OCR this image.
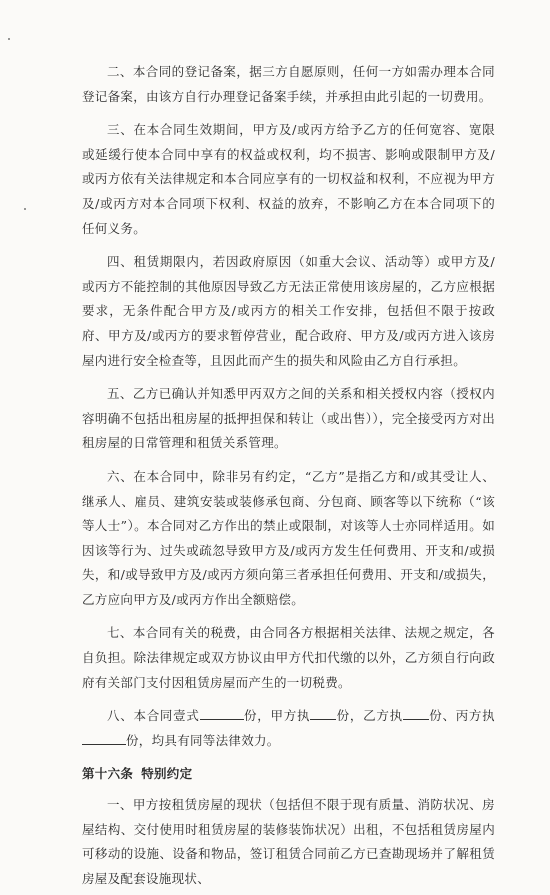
二、本合同的登记备案，据三方自愿原则，任何一方如需办理本合同登记备案，由该方自行办理登记备案手续，并承担由此引起的一切费用。

三、在本合同生效期间，甲方及/或丙方给予乙方的任何宽容、宽限或延缓行使本合同中享有的权益或权利，均不损害、影响或限制甲方及/或丙方依有关法律规定和本合同应享有的一切权益和权利，不应视为甲方及/或丙方对本合同项下权利、权益的放弃，不影响乙方在本合同项下的任何义务。

四、租赁期限内，若因政府原因（如重大会议、活动等）或甲方及/或丙方不能控制的其他原因导致乙方无法正常使用该房屋的，乙方应根据要求，无条件配合甲方及/或丙方的相关工作安排，包括但不限于按政府、甲方及/或丙方的要求暂停营业，配合政府、甲方及/或丙方进入该房屋内进行安全检查等，且因此而产生的损失和风险由乙方自行承担。

五、乙方已确认并知悉甲丙双方之间的关系和相关授权内容（授权内容明确不包括出租房屋的抵押担保和转让（或出售）），完全接受丙方对出租房屋的日常管理和租赁关系管理。

六、在本合同中，除非另有约定，“乙方”是指乙方和/或其受让人、继承人、雇员、建筑安装或装修承包商、分包商、顾客等以下统称（“该等人士”）。本合同对乙方作出的禁止或限制，对该等人士亦同样适用。如因该等行为、过失或疏忽导致甲方及/或丙方发生任何费用、开支和/或损失，和/或导致甲方及/或丙方须向第三者承担任何费用、开支和/或损失，乙方应向甲方及/或丙方作出全额赔偿。

七、本合同有关的税费，由合同各方根据相关法律、法规之规定，各自负担。除法律规定或双方协议由甲方代扣代缴的以外，乙方须自行向政府有关部门支付因租赁房屋而产生的一切税费。

八、本合同壹式	份，甲方执 份，乙方执 份、丙方执份，均具有同等法律效力。

第十六条 特别约定

一、甲方按租赁房屋的现状（包括但不限于现有质量、消防状况、房屋结构、交付使用时租赁房屋的装修装饰状况）出租，不包括租赁房屋内可移动的设施、设备和物品，签订租赁合同前乙方已查勘现场并了解租赁房屋及配套设施现状、
